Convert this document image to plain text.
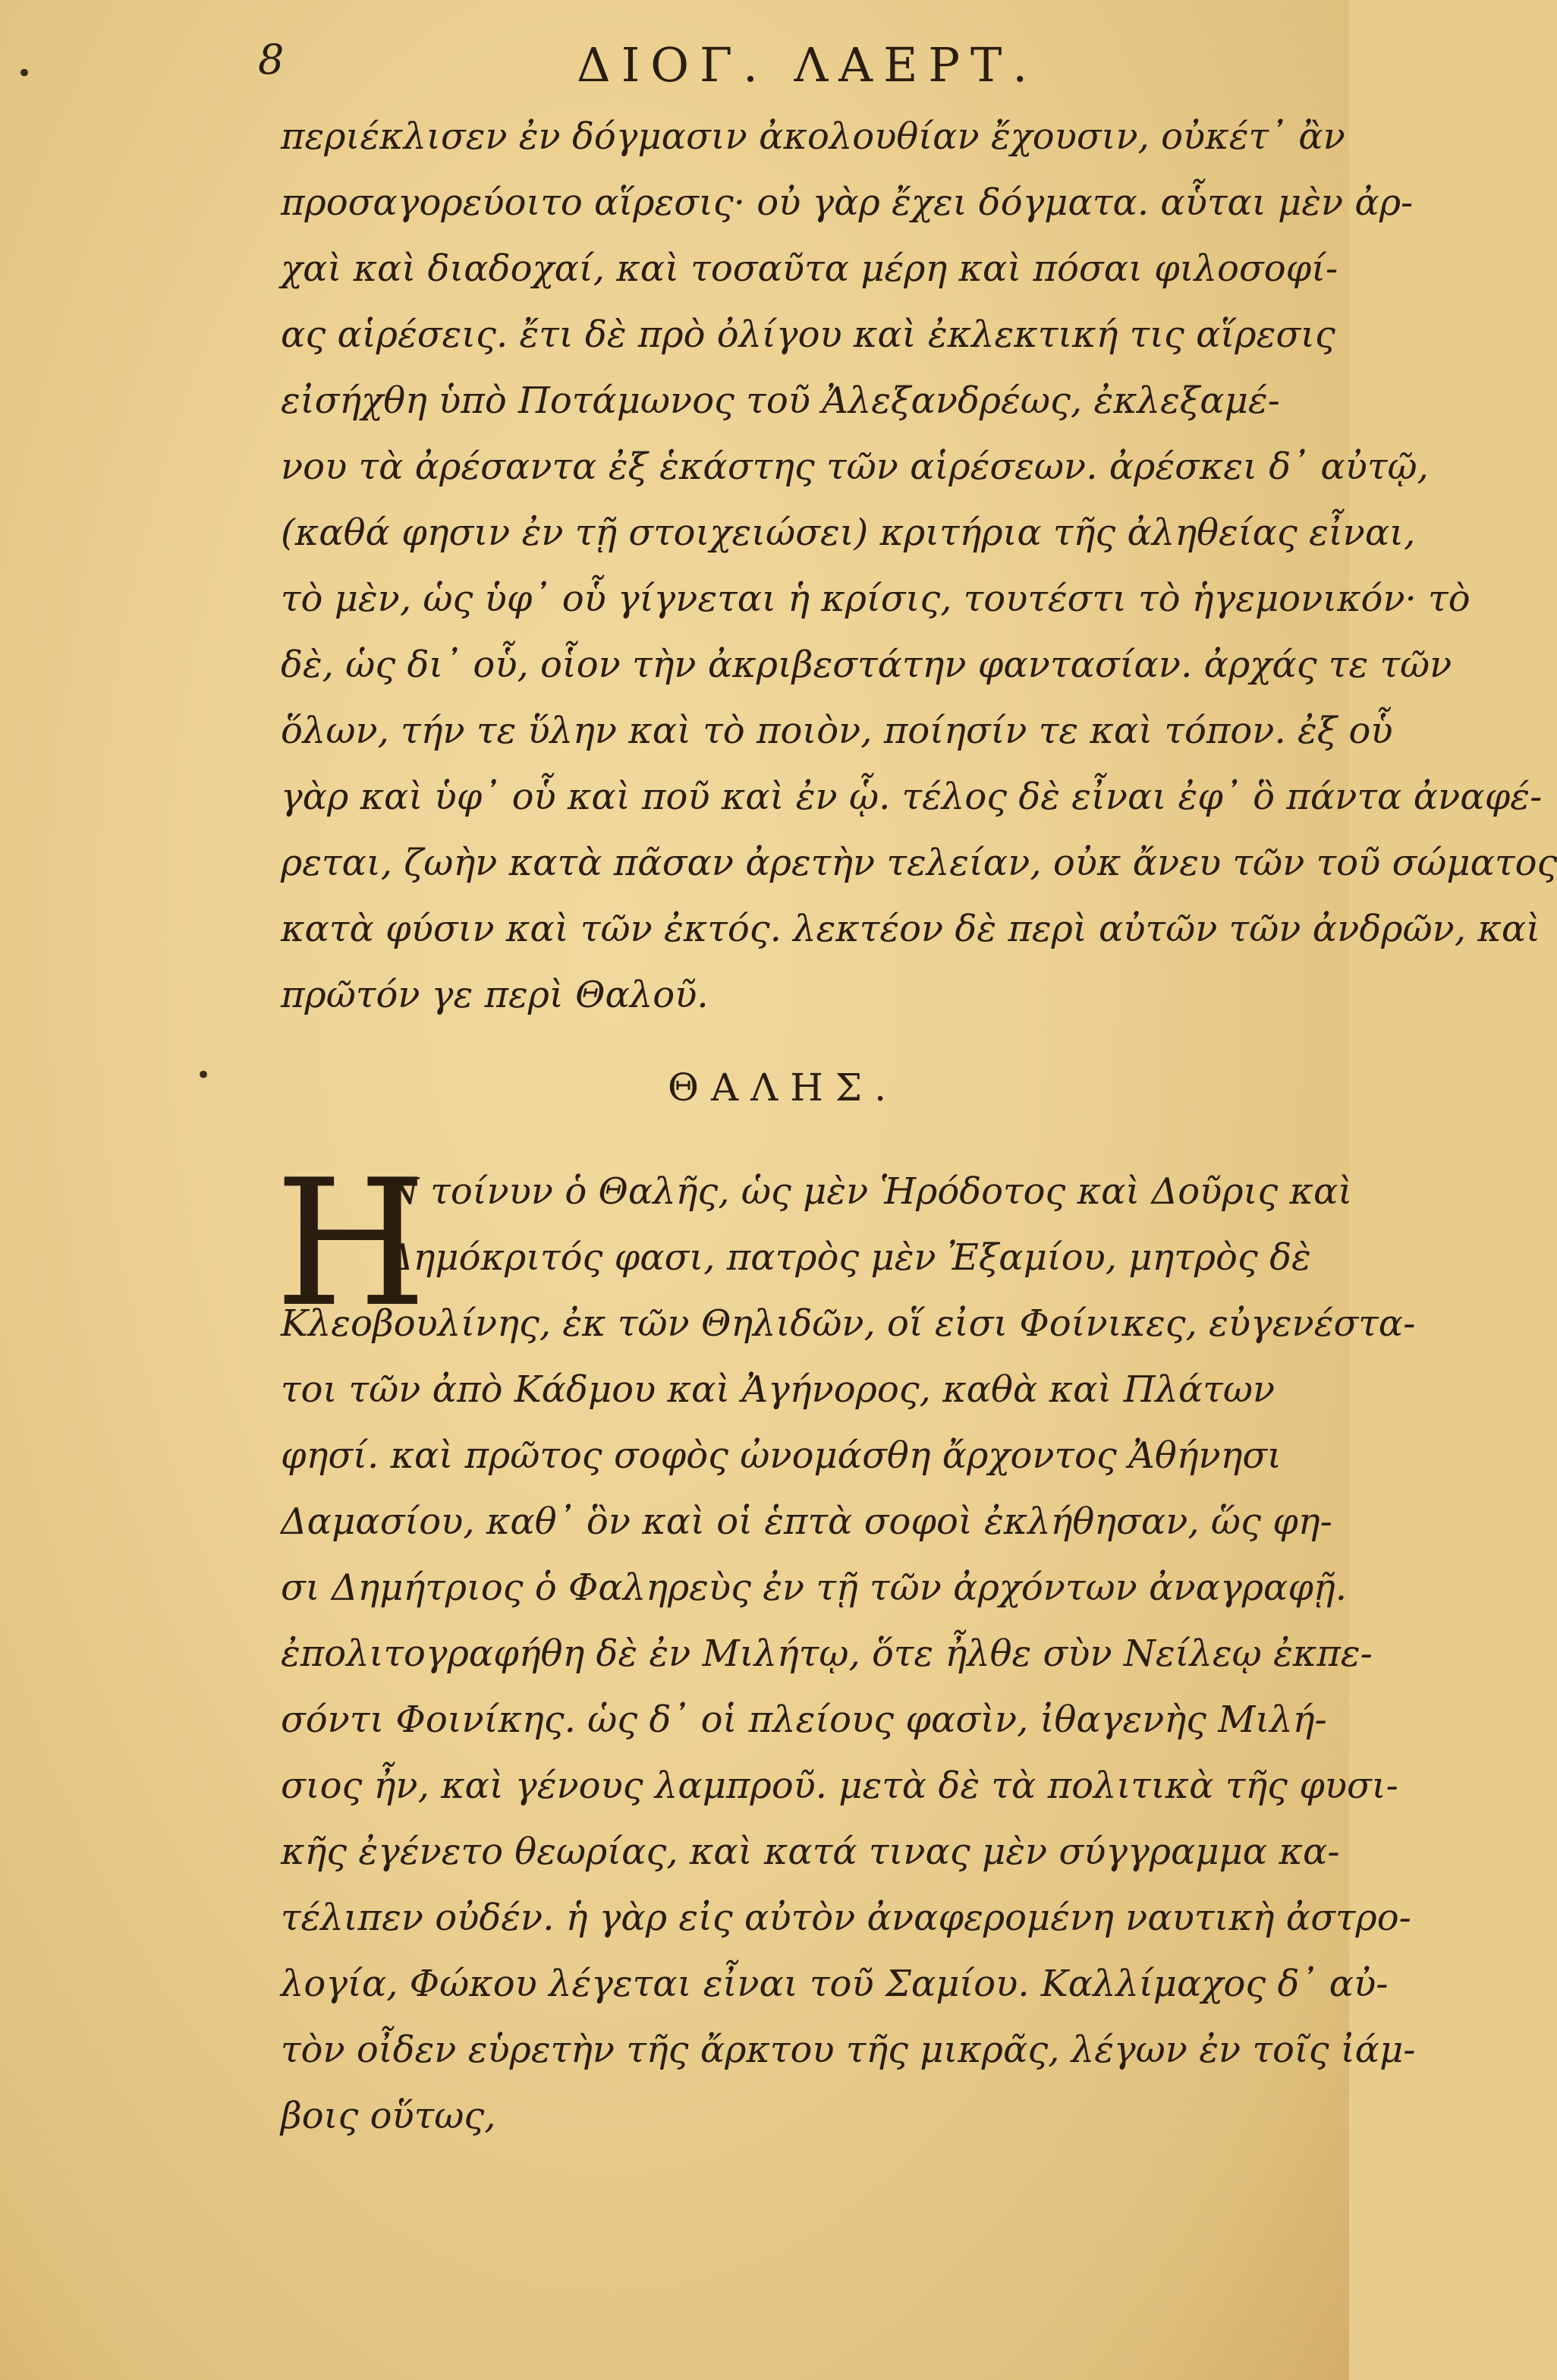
•
•
8	ΔΙΟΓ. ΛΑΕΡΤ.
περιέκλισεν ἐν δόγμασιν ἀκολουθίαν ἔχουσιν, οὐκέτ᾽ ἂν
προσαγορεύοιτο αἵρεσις· οὐ γὰρ ἔχει δόγματα. αὗται μὲν ἀρ-
χαὶ καὶ διαδοχαί, καὶ τοσαῦτα μέρη καὶ πόσαι φιλοσοφί-
ας αἱρέσεις. ἔτι δὲ πρὸ ὀλίγου καὶ ἐκλεκτική τις αἵρεσις
εἰσήχθη ὑπὸ Ποτάμωνος τοῦ Ἀλεξανδρέως, ἐκλεξαμέ-
νου τὰ ἀρέσαντα ἐξ ἑκάστης τῶν αἱρέσεων. ἀρέσκει δ᾽ αὐτῷ,
(καθά φησιν ἐν τῇ στοιχειώσει) κριτήρια τῆς ἀληθείας εἶναι,
τὸ μὲν, ὡς ὑφ᾽ οὗ γίγνεται ἡ κρίσις, τουτέστι τὸ ἡγεμονικόν· τὸ
δὲ, ὡς δι᾽ οὗ, οἷον τὴν ἀκριβεστάτην φαντασίαν. ἀρχάς τε τῶν
ὅλων, τήν τε ὕλην καὶ τὸ ποιὸν, ποίησίν τε καὶ τόπον. ἐξ οὗ
γὰρ καὶ ὑφ᾽ οὗ καὶ ποῦ καὶ ἐν ᾧ. τέλος δὲ εἶναι ἐφ᾽ ὃ πάντα ἀναφέ-
ρεται, ζωὴν κατὰ πᾶσαν ἀρετὴν τελείαν, οὐκ ἄνευ τῶν τοῦ σώματος
κατὰ φύσιν καὶ τῶν ἐκτός. λεκτέον δὲ περὶ αὐτῶν τῶν ἀνδρῶν, καὶ
πρῶτόν γε περὶ Θαλοῦ.
ΘΑΛΗΣ.
H
Ν τοίνυν ὁ Θαλῆς, ὡς μὲν Ἡρόδοτος καὶ Δοῦρις καὶ
Δημόκριτός φασι, πατρὸς μὲν Ἐξαμίου, μητρὸς δὲ
Κλεοβουλίνης, ἐκ τῶν Θηλιδῶν, οἵ εἰσι Φοίνικες, εὐγενέστα-
τοι τῶν ἀπὸ Κάδμου καὶ Ἀγήνορος, καθὰ καὶ Πλάτων
φησί. καὶ πρῶτος σοφὸς ὠνομάσθη ἄρχοντος Ἀθήνησι
Δαμασίου, καθ᾽ ὃν καὶ οἱ ἑπτὰ σοφοὶ ἐκλήθησαν, ὥς φη-
σι Δημήτριος ὁ Φαληρεὺς ἐν τῇ τῶν ἀρχόντων ἀναγραφῇ.
ἐπολιτογραφήθη δὲ ἐν Μιλήτῳ, ὅτε ἦλθε σὺν Νείλεῳ ἐκπε-
σόντι Φοινίκης. ὡς δ᾽ οἱ πλείους φασὶν, ἰθαγενὴς Μιλή-
σιος ἦν, καὶ γένους λαμπροῦ. μετὰ δὲ τὰ πολιτικὰ τῆς φυσι-
κῆς ἐγένετο θεωρίας, καὶ κατά τινας μὲν σύγγραμμα κα-
τέλιπεν οὐδέν. ἡ γὰρ εἰς αὐτὸν ἀναφερομένη ναυτικὴ ἀστρο-
λογία, Φώκου λέγεται εἶναι τοῦ Σαμίου. Καλλίμαχος δ᾽ αὐ-
τὸν οἶδεν εὑρετὴν τῆς ἄρκτου τῆς μικρᾶς, λέγων ἐν τοῖς ἰάμ-
βοις οὕτως,
